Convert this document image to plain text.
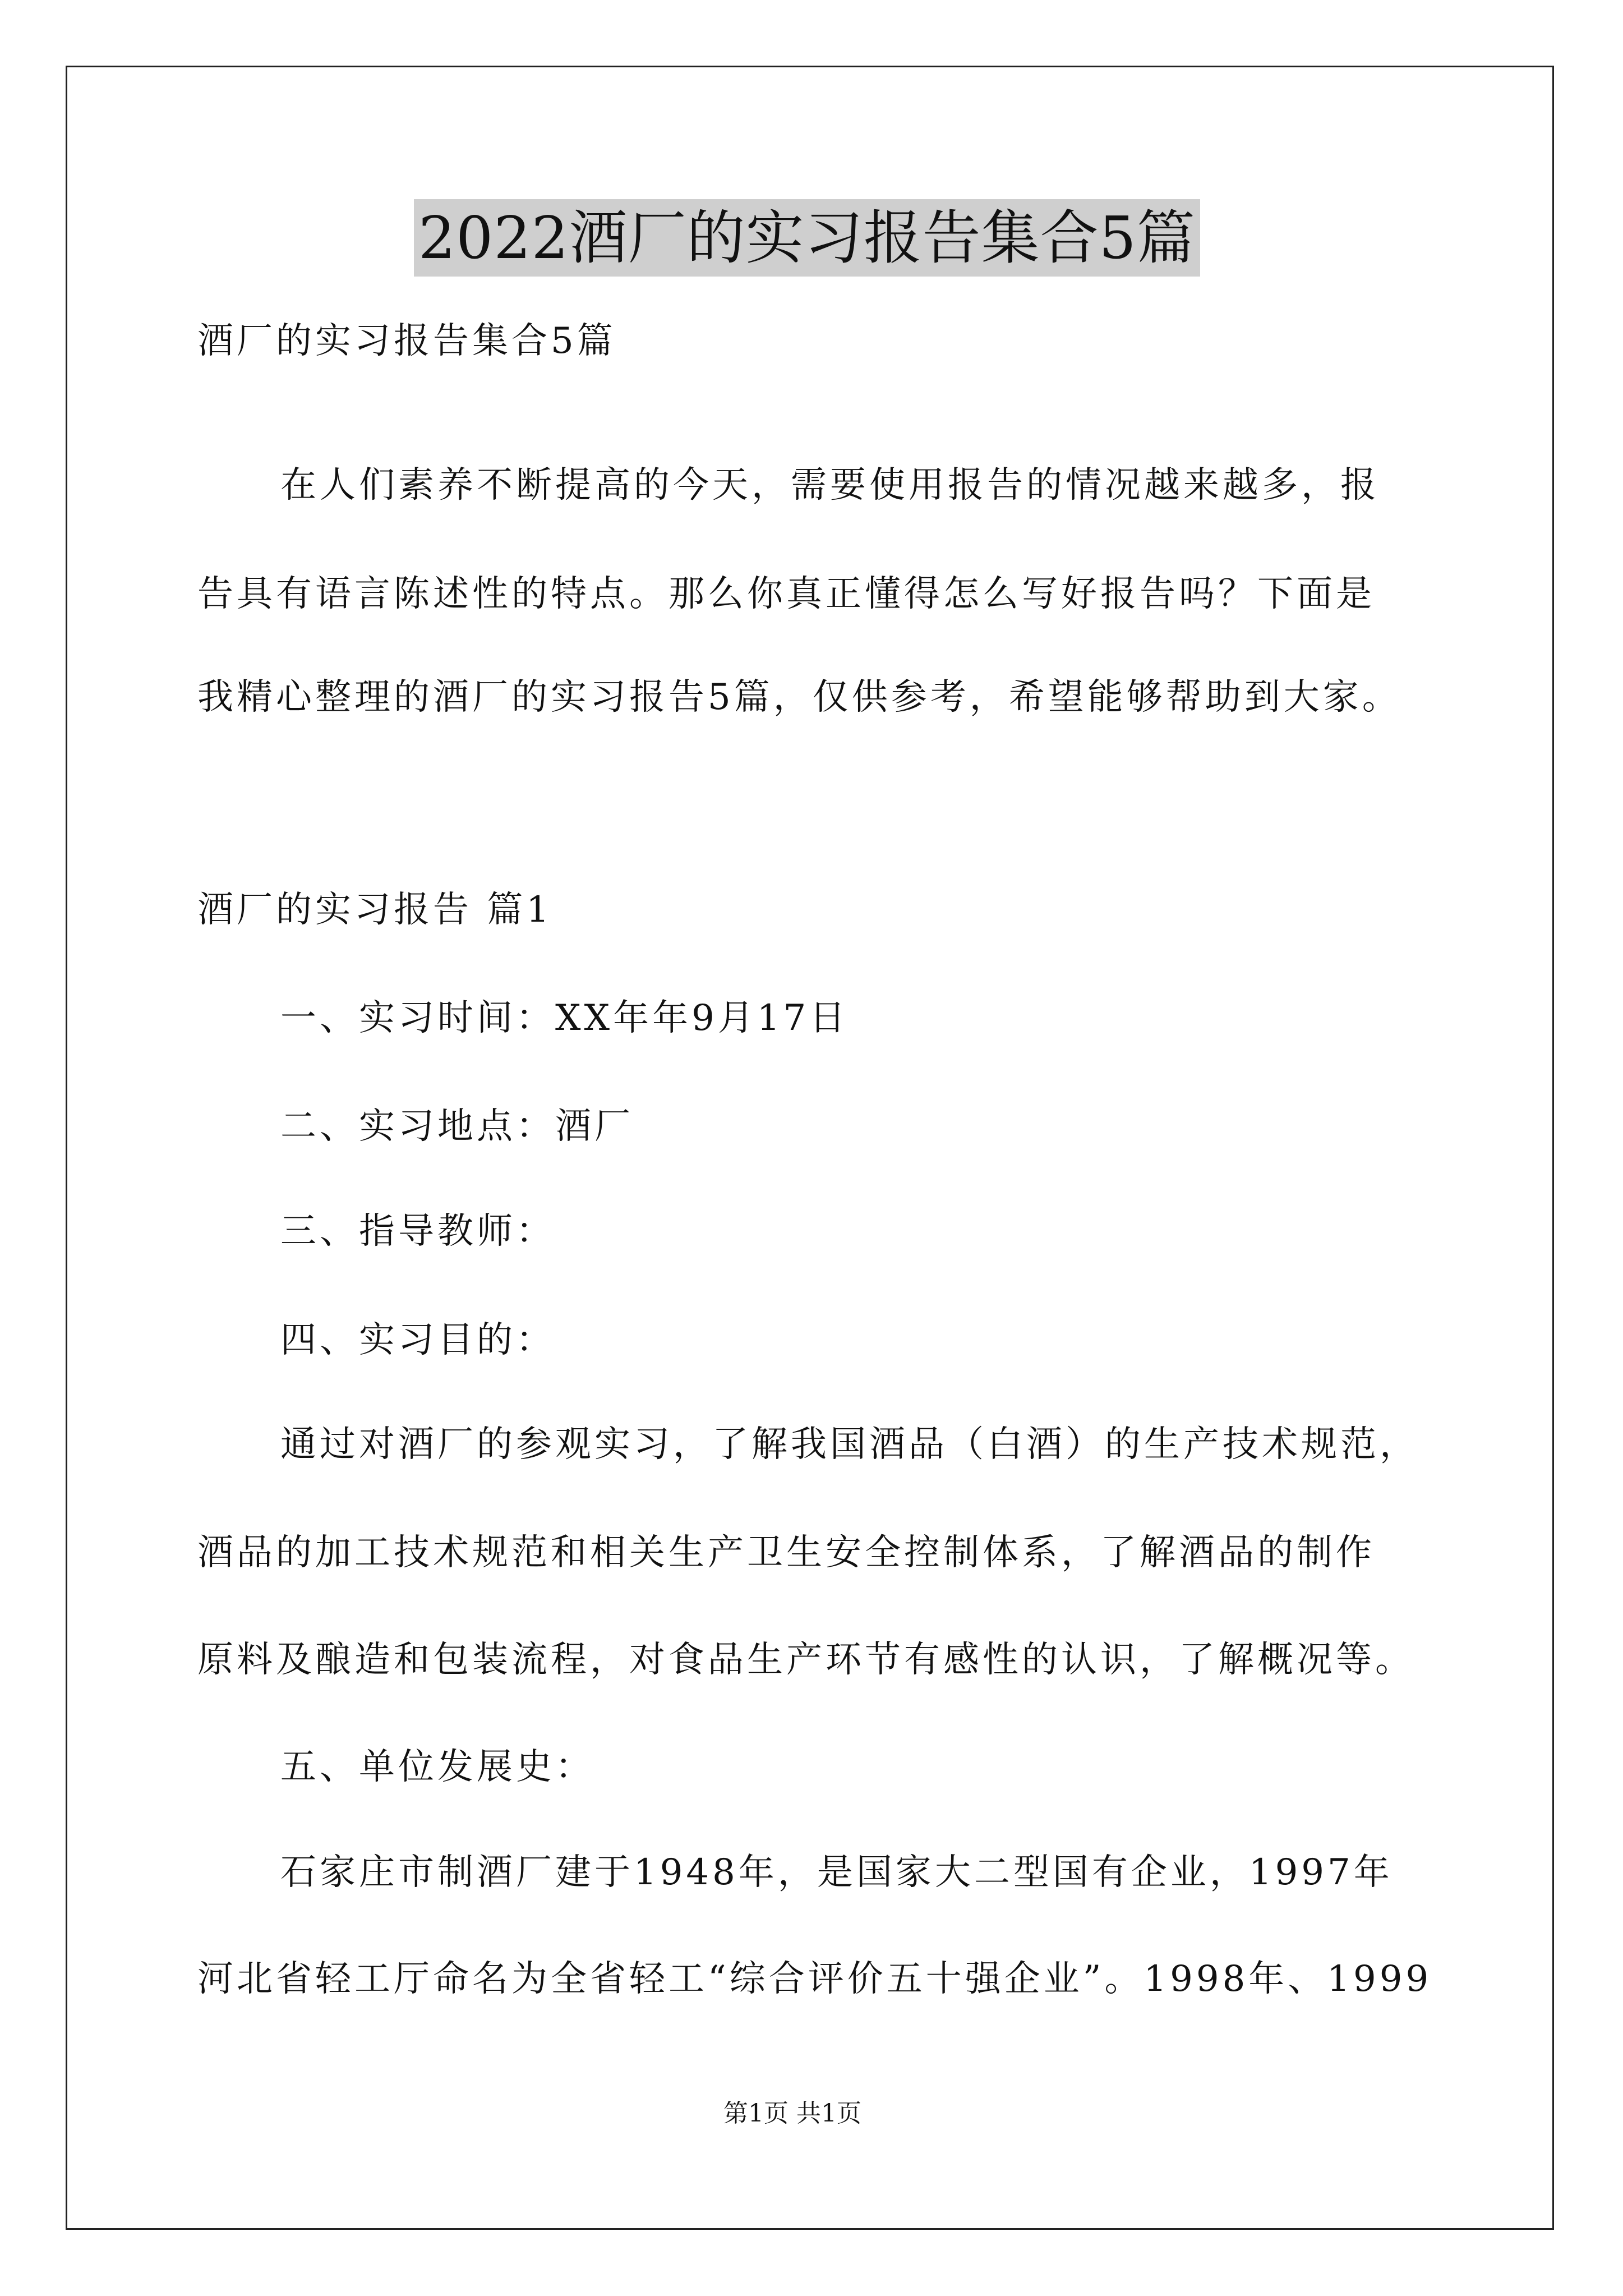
2022酒厂的实习报告集合5篇
酒厂的实习报告集合5篇
在人们素养不断提高的今天，需要使用报告的情况越来越多，报
告具有语言陈述性的特点。那么你真正懂得怎么写好报告吗？下面是
我精心整理的酒厂的实习报告5篇，仅供参考，希望能够帮助到大家。
酒厂的实习报告 篇1
一、实习时间：XX年年9月17日
二、实习地点：酒厂
三、指导教师：
四、实习目的：
通过对酒厂的参观实习，了解我国酒品（白酒）的生产技术规范，
酒品的加工技术规范和相关生产卫生安全控制体系，了解酒品的制作
原料及酿造和包装流程，对食品生产环节有感性的认识，了解概况等。
五、单位发展史：
石家庄市制酒厂建于1948年，是国家大二型国有企业，1997年
河北省轻工厅命名为全省轻工“综合评价五十强企业”。1998年、1999
第1页 共1页
